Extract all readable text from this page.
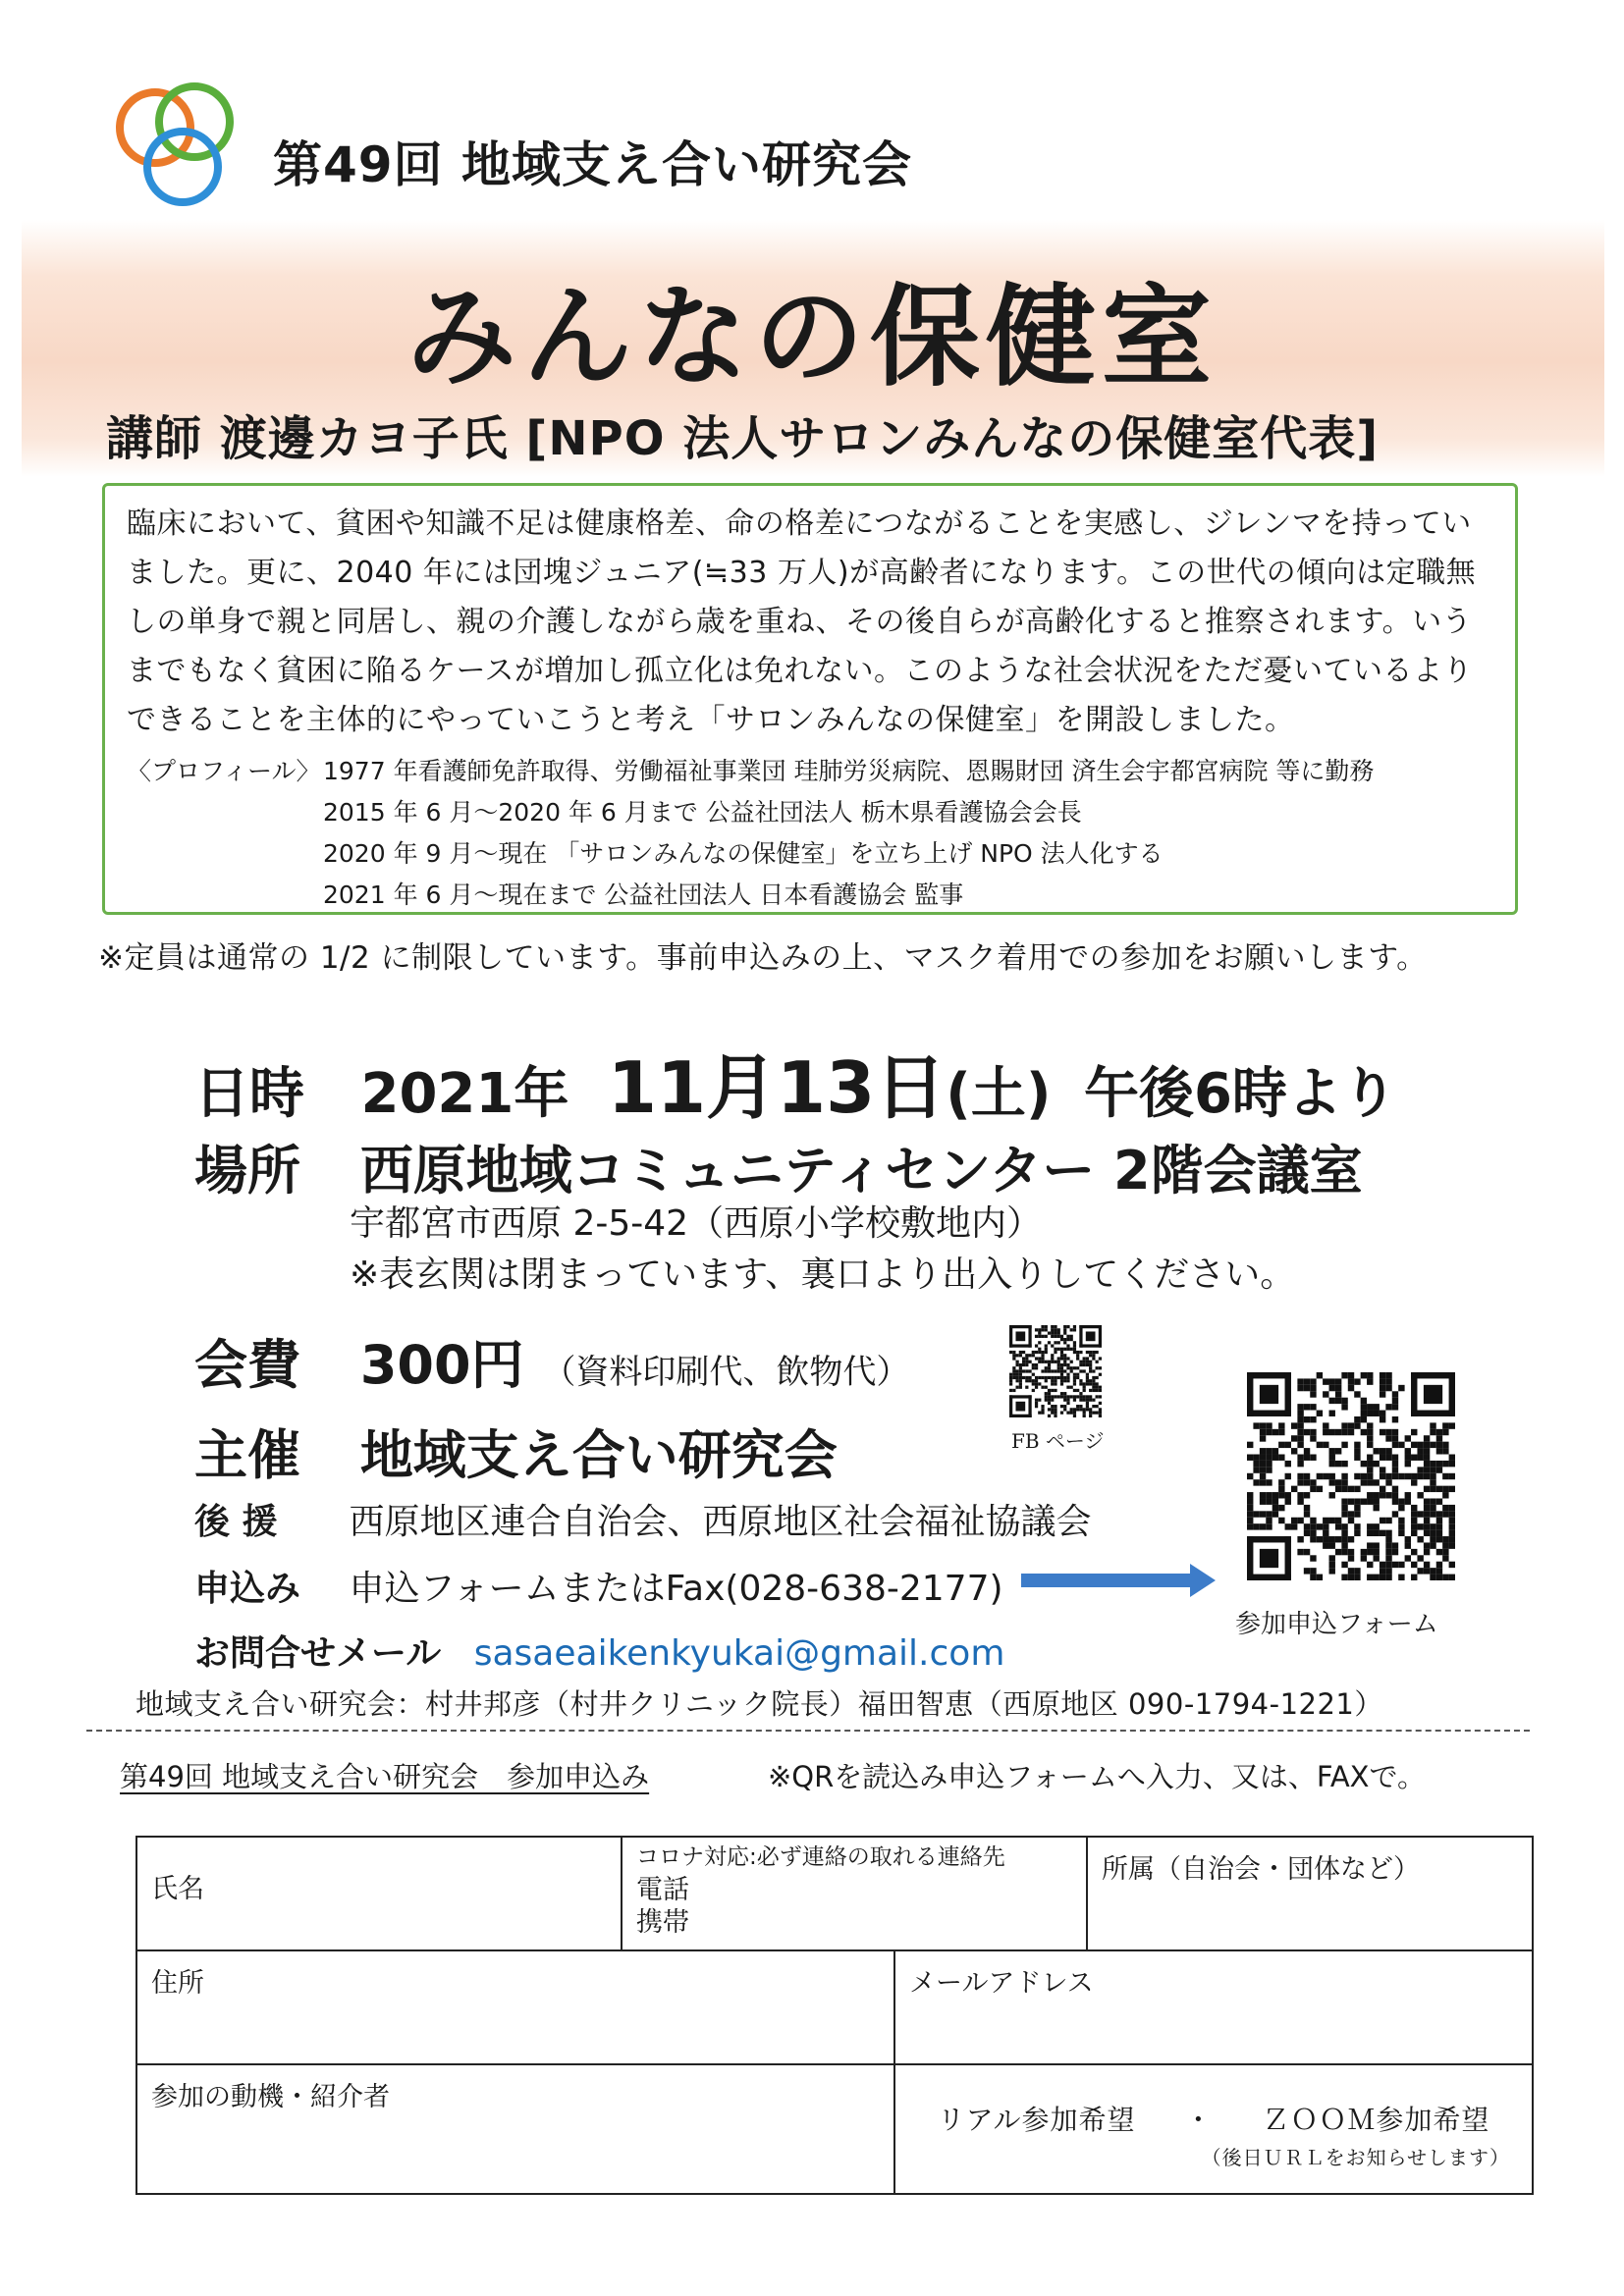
第49回 地域支え合い研究会
みんなの保健室
講師 渡邊カヨ子氏 [NPO 法人サロンみんなの保健室代表]
臨床において、貧困や知識不足は健康格差、命の格差につながることを実感し、ジレンマを持っていました。更に、2040 年には団塊ジュニア(≒33 万人)が高齢者になります。この世代の傾向は定職無しの単身で親と同居し、親の介護しながら歳を重ね、その後自らが高齢化すると推察されます。いうまでもなく貧困に陥るケースが増加し孤立化は免れない。このような社会状況をただ憂いているよりできることを主体的にやっていこうと考え「サロンみんなの保健室」を開設しました。
〈プロフィール〉 1977 年看護師免許取得、労働福祉事業団 珪肺労災病院、恩賜財団 済生会宇都宮病院 等に勤務
2015 年 6 月～2020 年 6 月まで 公益社団法人 栃木県看護協会会長
2020 年 9 月～現在 「サロンみんなの保健室」を立ち上げ NPO 法人化する
2021 年 6 月～現在まで 公益社団法人 日本看護協会 監事
※定員は通常の 1/2 に制限しています。事前申込みの上、マスク着用での参加をお願いします。
日時 2021年 11月13日(土) 午後6時より
場所 西原地域コミュニティセンター 2階会議室
宇都宮市西原 2-5-42（西原小学校敷地内）
※表玄関は閉まっています、裏口より出入りしてください。
会費 300円 （資料印刷代、飲物代）
主催 地域支え合い研究会
後 援 西原地区連合自治会、西原地区社会福祉協議会
申込み 申込フォームまたはFax(028-638-2177)
お問合せメール sasaeaikenkyukai@gmail.com
地域支え合い研究会：村井邦彦（村井クリニック院長）福田智恵（西原地区 090-1794-1221）
FB ページ
参加申込フォーム
第49回 地域支え合い研究会　参加申込み	※QRを読込み申込フォームへ入力、又は、FAXで。
氏名
コロナ対応:必ず連絡の取れる連絡先
電話
携帯
所属（自治会・団体など）
住所	メールアドレス
参加の動機・紹介者
リアル参加希望 ・ ＺＯＯＭ参加希望
（後日ＵＲＬをお知らせします）
